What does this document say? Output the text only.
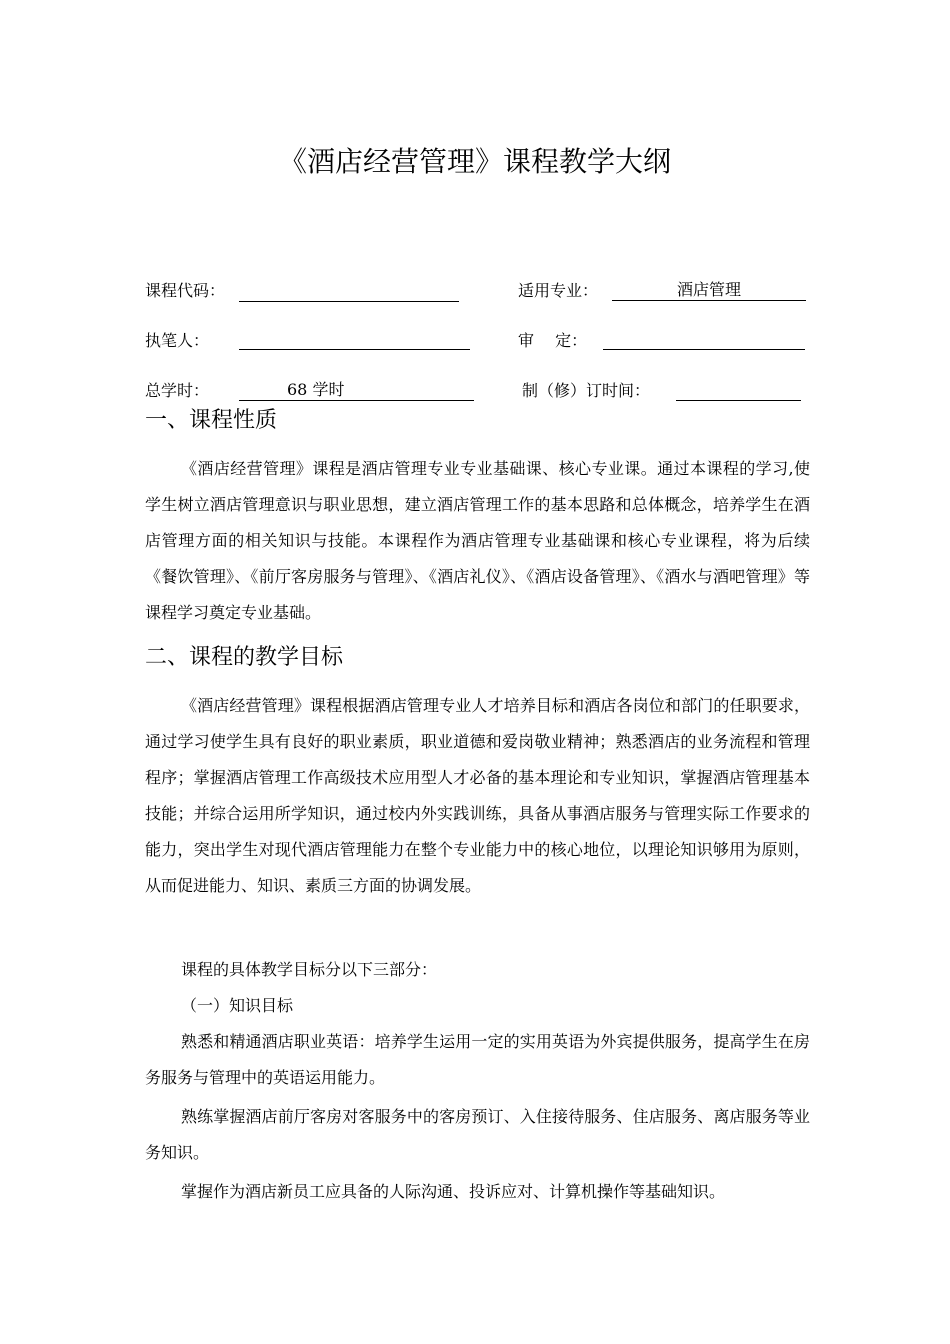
《酒店经营管理》课程教学大纲
课程代码：	适用专业：	酒店管理
执笔人：	审　 定：
总学时：	68 学时	制（修）订时间：
一、课程性质
《酒店经营管理》课程是酒店管理专业专业基础课、核心专业课。通过本课程的学习,使学生树立酒店管理意识与职业思想，建立酒店管理工作的基本思路和总体概念，培养学生在酒店管理方面的相关知识与技能。本课程作为酒店管理专业基础课和核心专业课程，将为后续《餐饮管理》、《前厅客房服务与管理》、《酒店礼仪》、《酒店设备管理》、《酒水与酒吧管理》等课程学习奠定专业基础。
二、课程的教学目标
《酒店经营管理》课程根据酒店管理专业人才培养目标和酒店各岗位和部门的任职要求，通过学习使学生具有良好的职业素质，职业道德和爱岗敬业精神；熟悉酒店的业务流程和管理程序；掌握酒店管理工作高级技术应用型人才必备的基本理论和专业知识，掌握酒店管理基本技能；并综合运用所学知识，通过校内外实践训练，具备从事酒店服务与管理实际工作要求的能力，突出学生对现代酒店管理能力在整个专业能力中的核心地位，以理论知识够用为原则，从而促进能力、知识、素质三方面的协调发展。
课程的具体教学目标分以下三部分：
（一）知识目标
熟悉和精通酒店职业英语：培养学生运用一定的实用英语为外宾提供服务，提高学生在房务服务与管理中的英语运用能力。
熟练掌握酒店前厅客房对客服务中的客房预订、入住接待服务、住店服务、离店服务等业务知识。
掌握作为酒店新员工应具备的人际沟通、投诉应对、计算机操作等基础知识。
